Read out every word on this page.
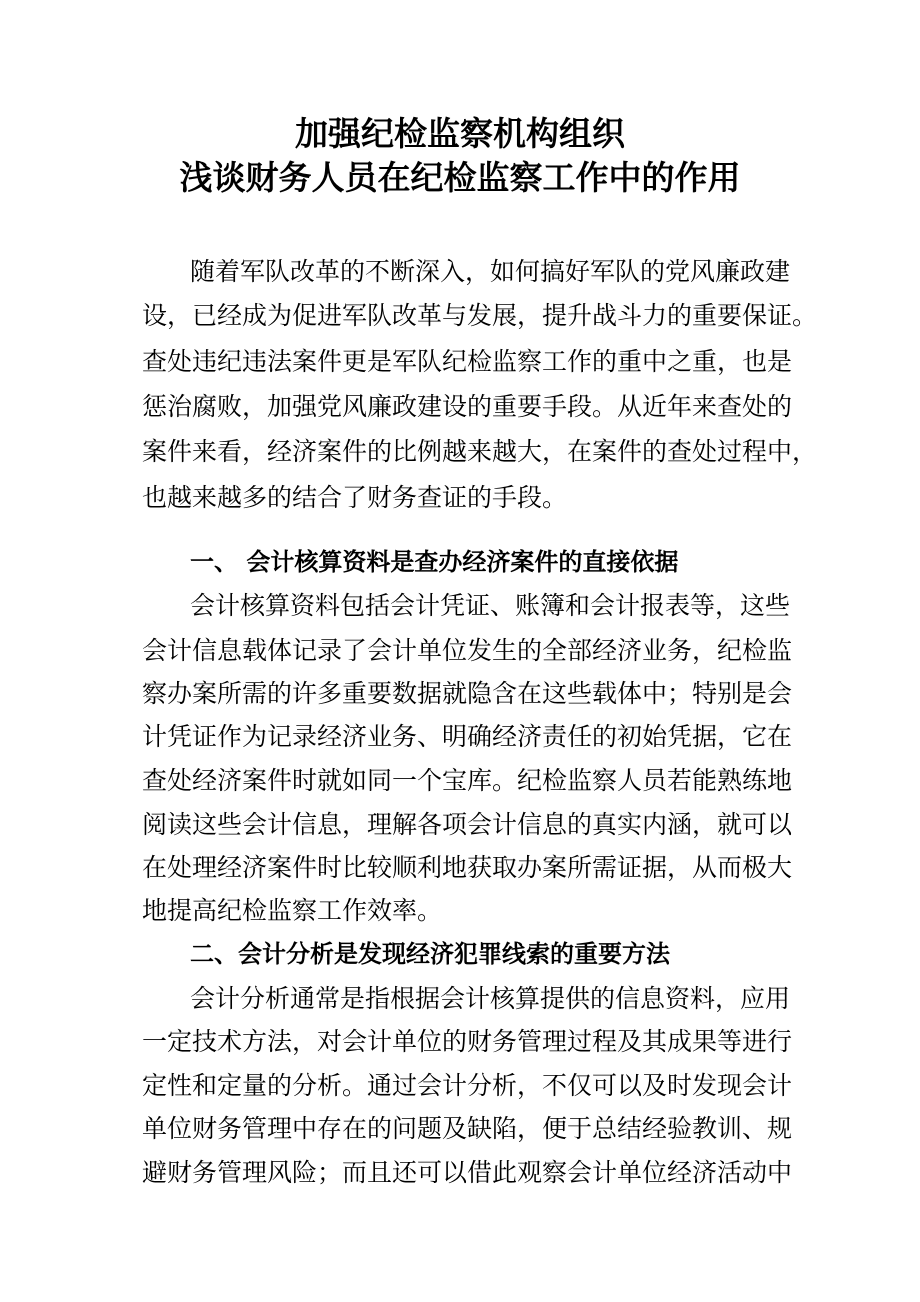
加强纪检监察机构组织
浅谈财务人员在纪检监察工作中的作用

随着军队改革的不断深入，如何搞好军队的党风廉政建

设，已经成为促进军队改革与发展，提升战斗力的重要保证。

查处违纪违法案件更是军队纪检监察工作的重中之重，也是

惩治腐败，加强党风廉政建设的重要手段。从近年来查处的

案件来看，经济案件的比例越来越大，在案件的查处过程中，

也越来越多的结合了财务查证的手段。

一、 会计核算资料是查办经济案件的直接依据

会计核算资料包括会计凭证、账簿和会计报表等，这些

会计信息载体记录了会计单位发生的全部经济业务，纪检监

察办案所需的许多重要数据就隐含在这些载体中；特别是会

计凭证作为记录经济业务、明确经济责任的初始凭据，它在

查处经济案件时就如同一个宝库。纪检监察人员若能熟练地

阅读这些会计信息，理解各项会计信息的真实内涵，就可以

在处理经济案件时比较顺利地获取办案所需证据，从而极大

地提高纪检监察工作效率。

二、会计分析是发现经济犯罪线索的重要方法

会计分析通常是指根据会计核算提供的信息资料，应用

一定技术方法，对会计单位的财务管理过程及其成果等进行

定性和定量的分析。通过会计分析，不仅可以及时发现会计

单位财务管理中存在的问题及缺陷，便于总结经验教训、规

避财务管理风险；而且还可以借此观察会计单位经济活动中
